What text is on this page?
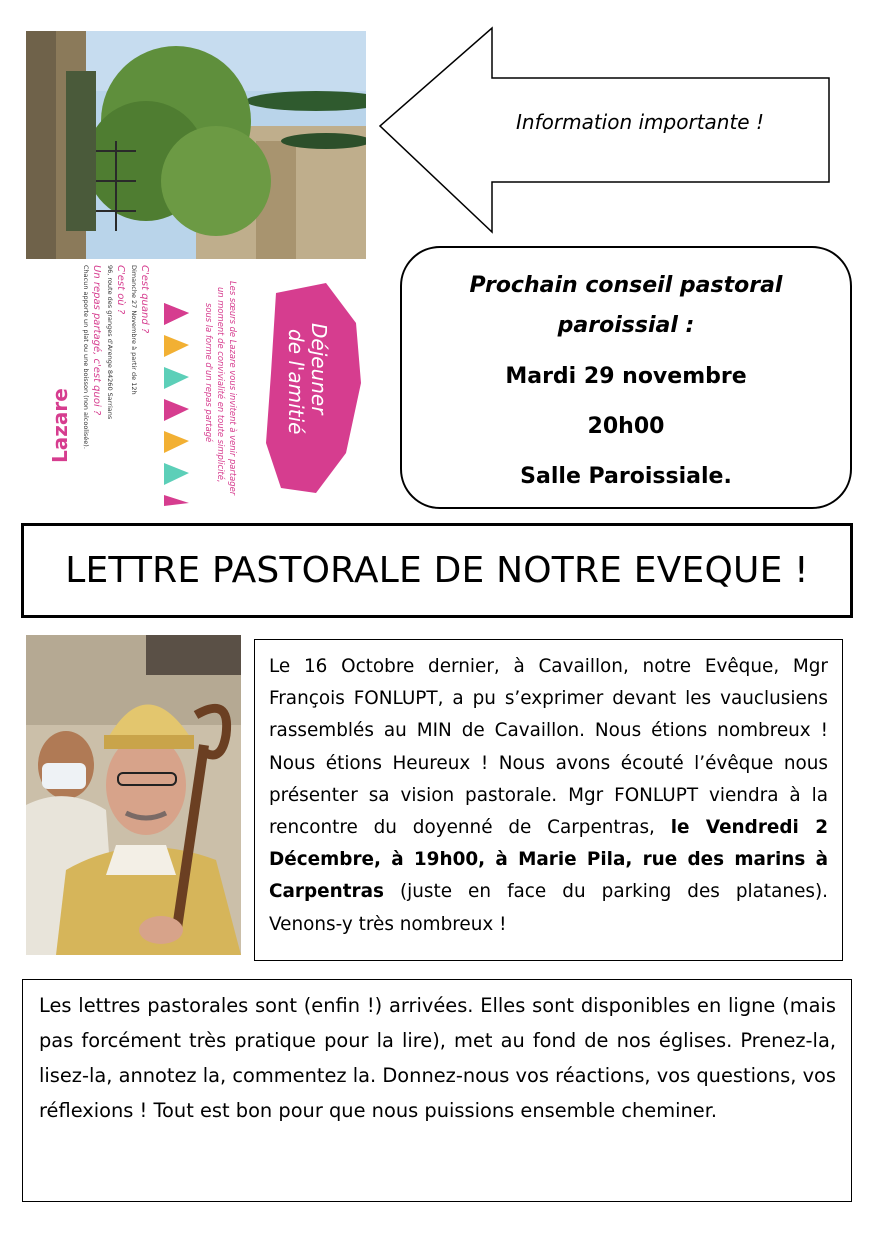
Déjeuner
de l'amitié
Les sœurs de Lazare vous invitent à venir partager
un moment de convivialité en toute simplicité,
sous la forme d'un repas partagé
C'est quand ?
Dimanche 27 Novembre à partir de 12h
C'est où ?
96, route des granges d'Arenge 84260 Sarrians
Un repas partagé, c'est quoi ?
Chacun apporte un plat ou une boisson (non alcoolisée).
Lazare
Information importante !
Prochain conseil pastoral
paroissial :
Mardi 29 novembre
20h00
Salle Paroissiale.
LETTRE PASTORALE DE NOTRE EVEQUE !
Le 16 Octobre dernier, à Cavaillon, notre Evêque, Mgr François FONLUPT, a pu s’exprimer devant les vauclusiens rassemblés au MIN de Cavaillon. Nous étions nombreux ! Nous étions Heureux ! Nous avons écouté l’évêque nous présenter sa vision pastorale. Mgr FONLUPT viendra à la rencontre du doyenné de Carpentras, le Vendredi 2 Décembre, à 19h00, à Marie Pila, rue des marins à Carpentras (juste en face du parking des platanes). Venons-y très nombreux !
Les lettres pastorales sont (enfin !) arrivées. Elles sont disponibles en ligne (mais pas forcément très pratique pour la lire), met au fond de nos églises. Prenez-la, lisez-la, annotez la, commentez la. Donnez-nous vos réactions, vos questions, vos réflexions ! Tout est bon pour que nous puissions ensemble cheminer.
